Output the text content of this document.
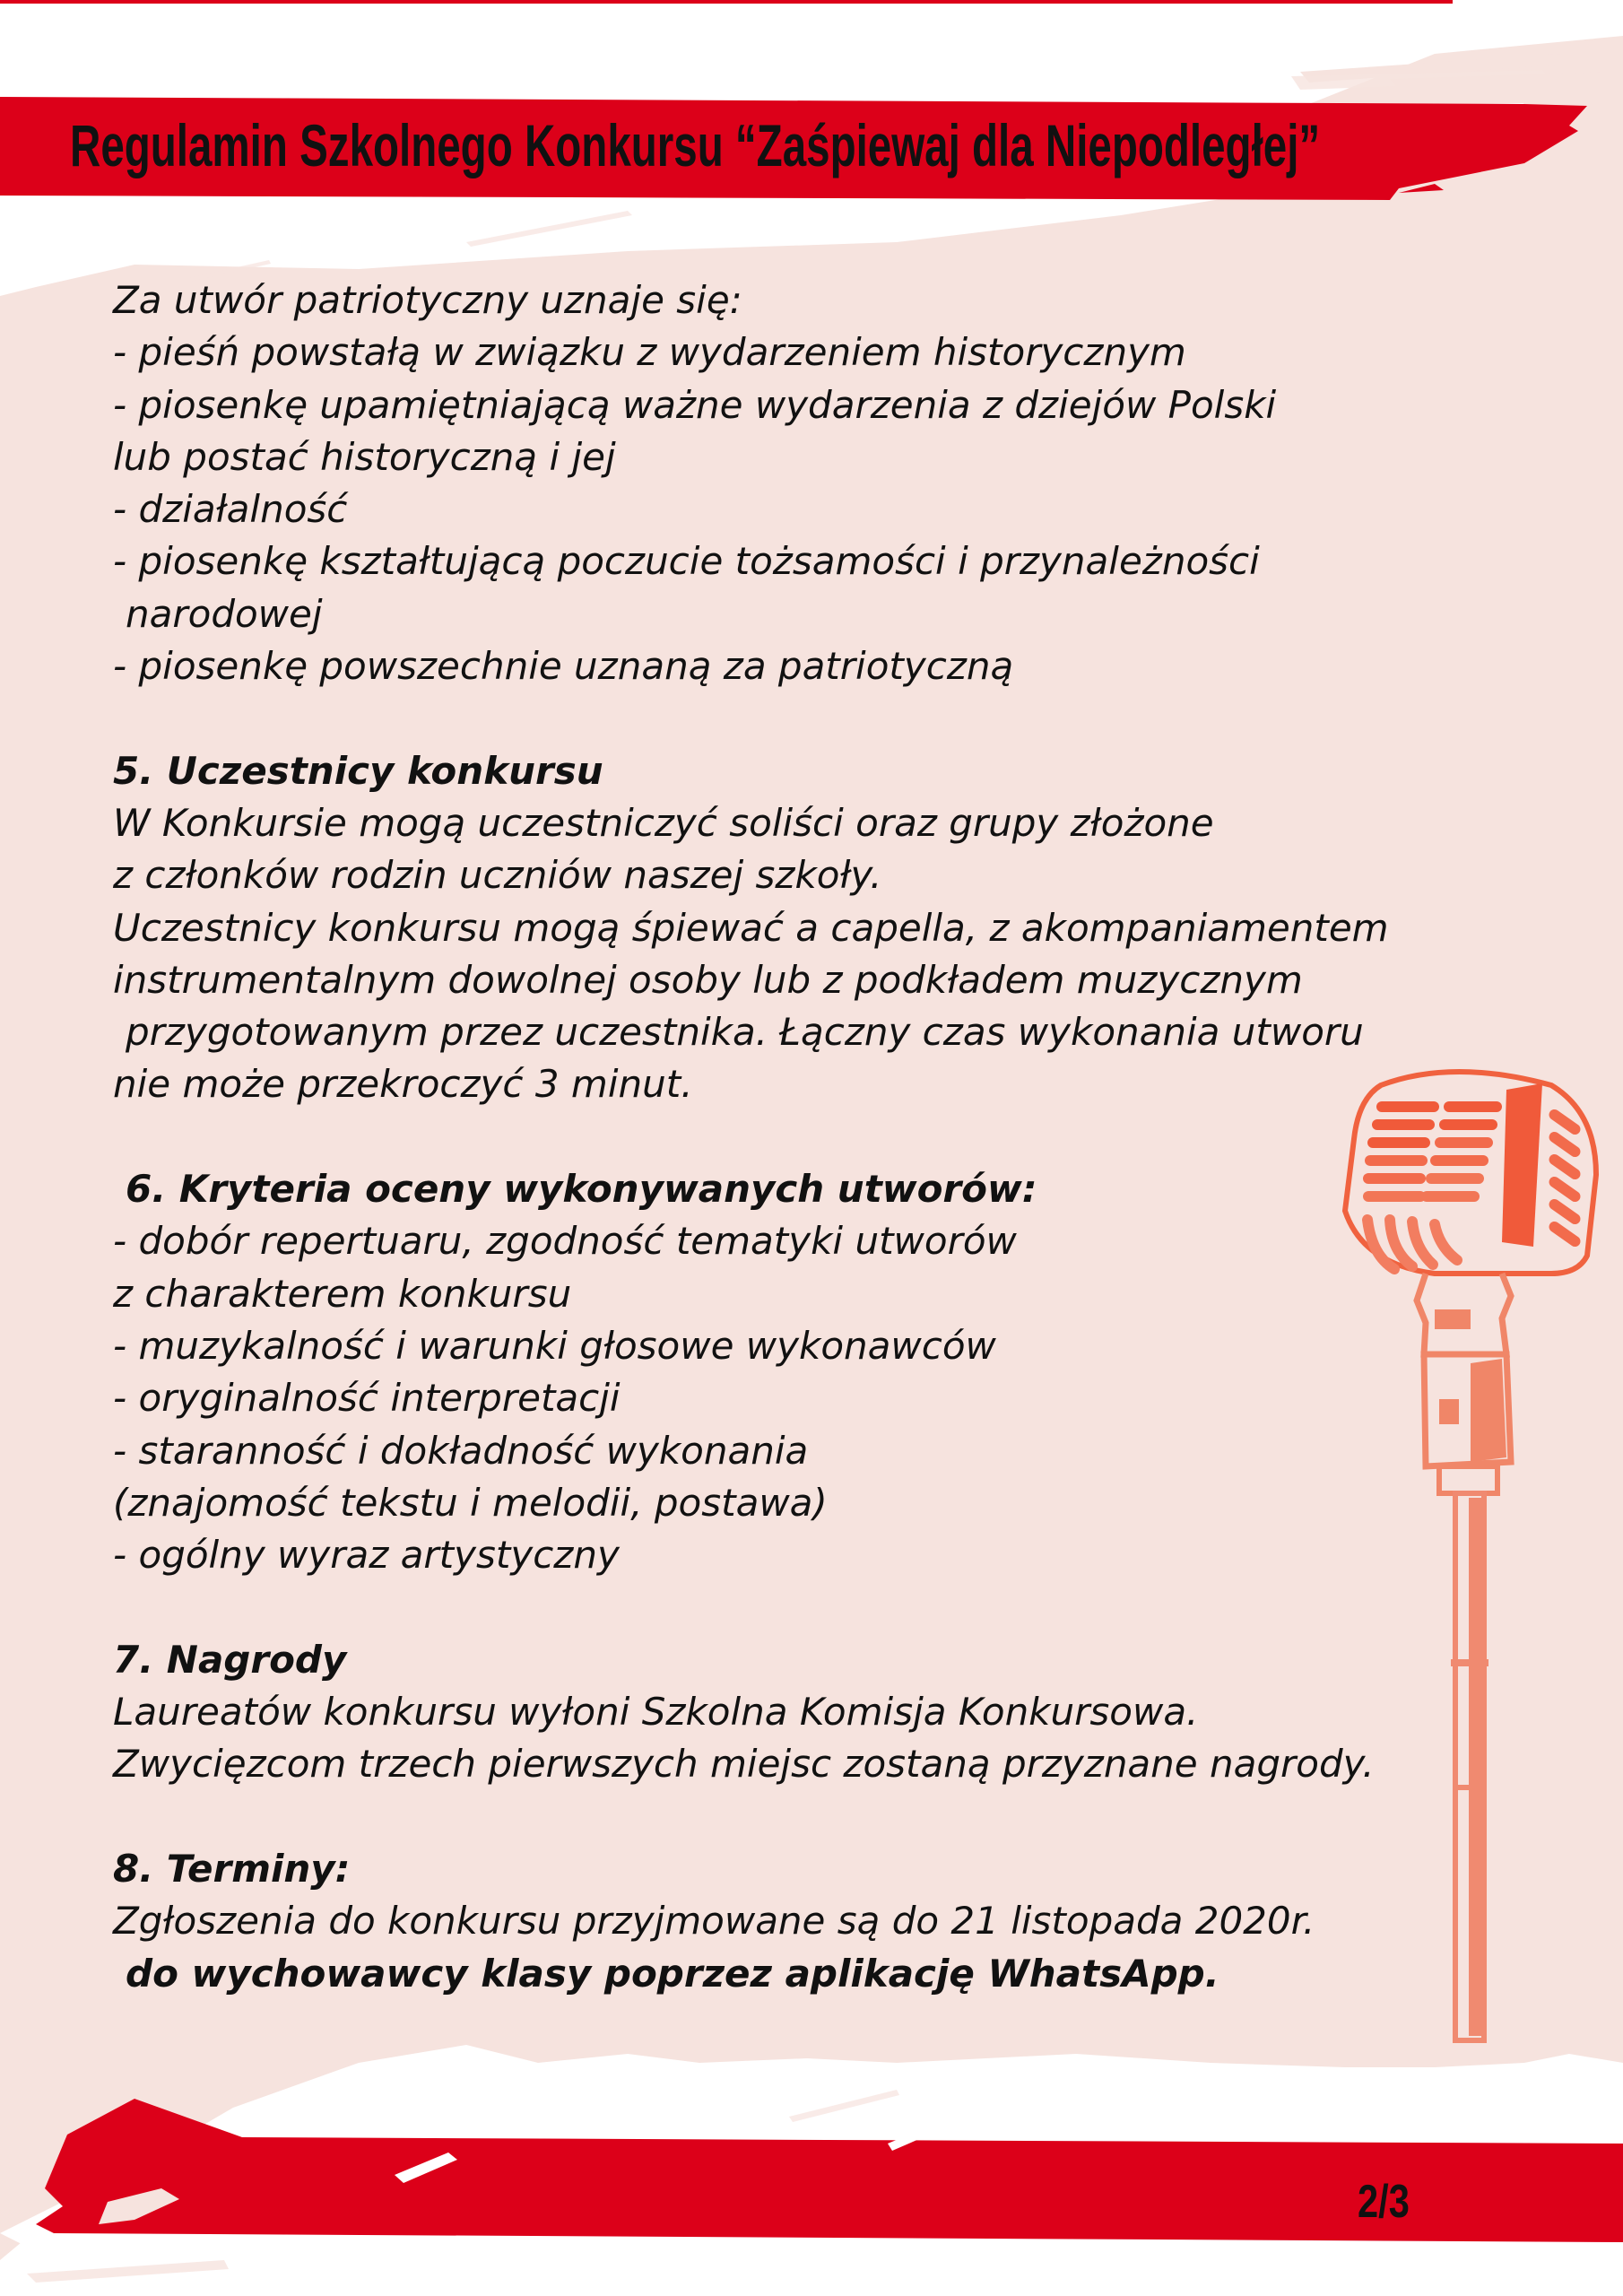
Regulamin Szkolnego Konkursu “Zaśpiewaj dla Niepodległej”
Za utwór patriotyczny uznaje się:
- pieśń powstałą w związku z wydarzeniem historycznym
- piosenkę upamiętniającą ważne wydarzenia z dziejów Polski
lub postać historyczną i jej
- działalność
- piosenkę kształtującą poczucie tożsamości i przynależności
narodowej
- piosenkę powszechnie uznaną za patriotyczną
5. Uczestnicy konkursu
W Konkursie mogą uczestniczyć soliści oraz grupy złożone
z członków rodzin uczniów naszej szkoły.
Uczestnicy konkursu mogą śpiewać a capella, z akompaniamentem
instrumentalnym dowolnej osoby lub z podkładem muzycznym
przygotowanym przez uczestnika. Łączny czas wykonania utworu
nie może przekroczyć 3 minut.
6. Kryteria oceny wykonywanych utworów:
- dobór repertuaru, zgodność tematyki utworów
z charakterem konkursu
- muzykalność i warunki głosowe wykonawców
- oryginalność interpretacji
- staranność i dokładność wykonania
(znajomość tekstu i melodii, postawa)
- ogólny wyraz artystyczny
7. Nagrody
Laureatów konkursu wyłoni Szkolna Komisja Konkursowa.
Zwycięzcom trzech pierwszych miejsc zostaną przyznane nagrody.
8. Terminy:
Zgłoszenia do konkursu przyjmowane są do 21 listopada 2020r.
do wychowawcy klasy poprzez aplikację WhatsApp.
2/3
